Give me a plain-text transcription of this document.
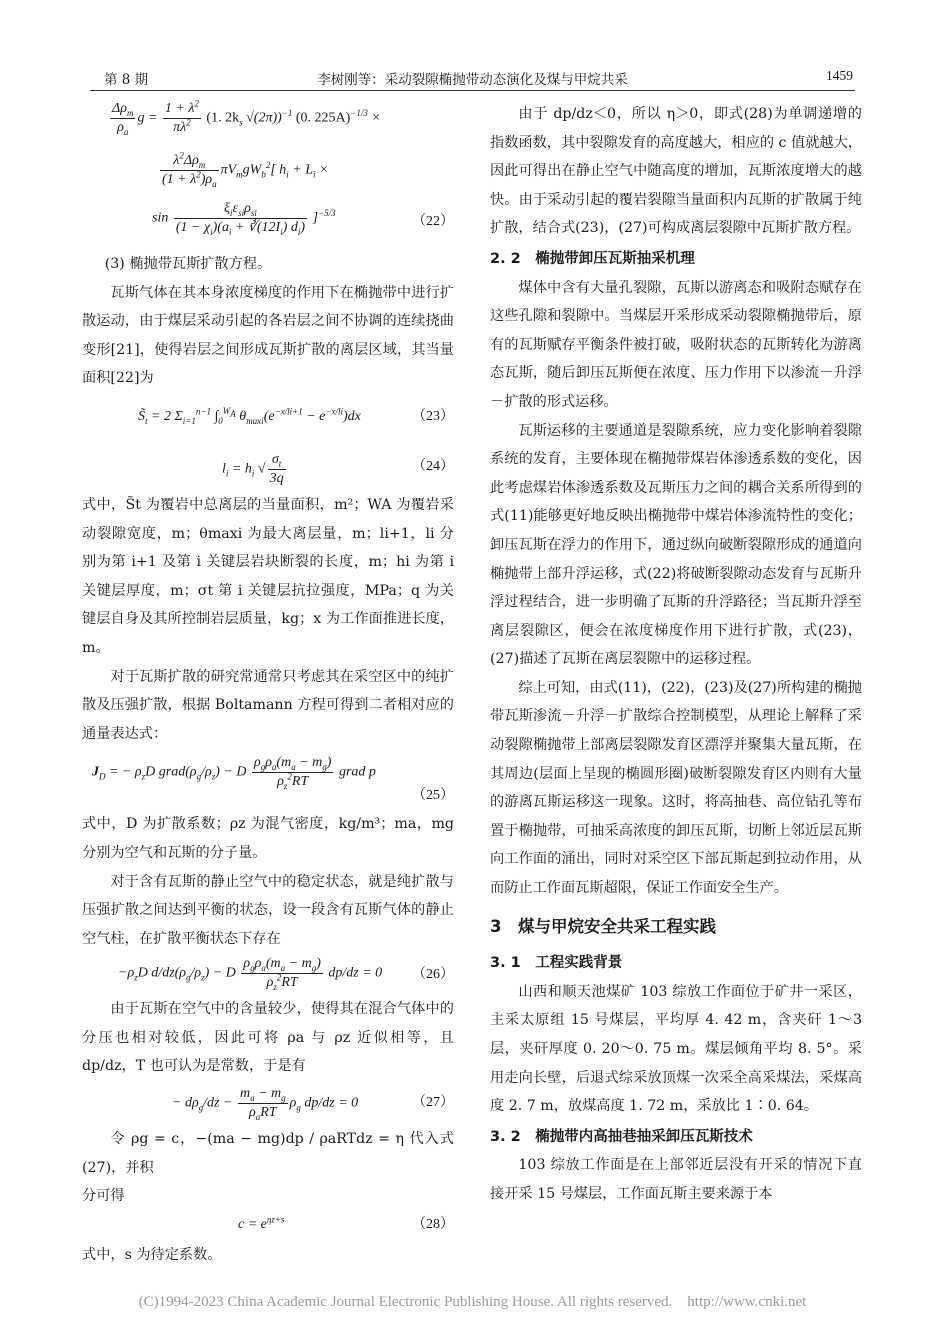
第 8 期	李树刚等：采动裂隙椭抛带动态演化及煤与甲烷共采	1459
$\frac{\Delta\rho_m}{\rho_a}$ $g = \frac{1 + \lambda^2}{\pi\lambda^2} (1$. $2k_s$ √(2π))$^{-1}$ (0. 225A)$^{-1/3}$ ×
$\frac{\lambda^2\Delta\rho_m}{(1 + \lambda^2)\rho_a} \pi V_mgW_b^2$[ $h_i + L_i$ ×
$\sin \frac{\xi_i\varepsilon_{si}\rho_{si}}{(1 - \chi_i)(a_i + ∛(12I_i) d_i)} ]^{-5/3}$
（22）

(3) 椭抛带瓦斯扩散方程。

瓦斯气体在其本身浓度梯度的作用下在椭抛带中进行扩散运动，由于煤层采动引起的各岩层之间不协调的连续挠曲变形[21]，使得岩层之间形成瓦斯扩散的离层区域，其当量面积[22]为

$S̃_t = 2$ $\Sigma_{i=1}^{n-1}$ $\int_0^{W_A}$ $\theta_{maxi}(e^{-x/li+1} - e^{-x/li})dx$	（23）
$l_i = h_i$ √ $\frac{\sigma_t}{3q}$	（24）

式中，S̃t 为覆岩中总离层的当量面积，m²；WA 为覆岩采动裂隙宽度，m；θmaxi 为最大离层量，m；li+1，li 分别为第 i+1 及第 i 关键层岩块断裂的长度，m；hi 为第 i 关键层厚度，m；σt 第 i 关键层抗拉强度，MPa；q 为关键层自身及其所控制岩层质量，kg；x 为工作面推进长度，m。

对于瓦斯扩散的研究常通常只考虑其在采空区中的纯扩散及压强扩散，根据 Boltamann 方程可得到二者相对应的通量表达式：

$J_D$ = − $\rho_zD$ $grad(\rho_g/\rho_z) - D \frac{\rho_g\rho_a(m_a - m_g)}{\rho_z^2RT}$ grad p
（25）

式中，D 为扩散系数；ρz 为混气密度，kg/m³；ma，mg 分别为空气和瓦斯的分子量。

对于含有瓦斯的静止空气中的稳定状态，就是纯扩散与压强扩散之间达到平衡的状态，设一段含有瓦斯气体的静止空气柱，在扩散平衡状态下存在

$-\rho_zD$ $d/dz(\rho_g/\rho_z) - D \frac{\rho_g\rho_a(m_a - m_g)}{\rho_z^2RT} dp/dz = 0$ （26）

由于瓦斯在空气中的含量较少，使得其在混合气体中的分压也相对较低，因此可将 ρa 与 ρz 近似相等，且 dp/dz，T 也可认为是常数，于是有

− $d\rho_g/dz - \frac{m_a - m_g}{\rho_aRT} \rho_g$ dp/dz = 0	（27）

令 ρg = c，−(ma − mg)dp / ρaRTdz = η 代入式(27)，并积

分可得

$c = e^{\eta z+s}$	（28）

式中，s 为待定系数。

由于 dp/dz＜0，所以 η＞0，即式(28)为单调递增的指数函数，其中裂隙发育的高度越大，相应的 c 值就越大，因此可得出在静止空气中随高度的增加，瓦斯浓度增大的越快。由于采动引起的覆岩裂隙当量面积内瓦斯的扩散属于纯扩散，结合式(23)，(27)可构成离层裂隙中瓦斯扩散方程。

2. 2　椭抛带卸压瓦斯抽采机理

煤体中含有大量孔裂隙，瓦斯以游离态和吸附态赋存在这些孔隙和裂隙中。当煤层开采形成采动裂隙椭抛带后，原有的瓦斯赋存平衡条件被打破，吸附状态的瓦斯转化为游离态瓦斯，随后卸压瓦斯便在浓度、压力作用下以渗流－升浮－扩散的形式运移。

瓦斯运移的主要通道是裂隙系统，应力变化影响着裂隙系统的发育，主要体现在椭抛带煤岩体渗透系数的变化，因此考虑煤岩体渗透系数及瓦斯压力之间的耦合关系所得到的式(11)能够更好地反映出椭抛带中煤岩体渗流特性的变化；卸压瓦斯在浮力的作用下，通过纵向破断裂隙形成的通道向椭抛带上部升浮运移，式(22)将破断裂隙动态发育与瓦斯升浮过程结合，进一步明确了瓦斯的升浮路径；当瓦斯升浮至离层裂隙区，便会在浓度梯度作用下进行扩散，式(23)，(27)描述了瓦斯在离层裂隙中的运移过程。

综上可知，由式(11)，(22)，(23)及(27)所构建的椭抛带瓦斯渗流－升浮－扩散综合控制模型，从理论上解释了采动裂隙椭抛带上部离层裂隙发育区漂浮并聚集大量瓦斯，在其周边(层面上呈现的椭圆形圈)破断裂隙发育区内则有大量的游离瓦斯运移这一现象。这时，将高抽巷、高位钻孔等布置于椭抛带，可抽采高浓度的卸压瓦斯，切断上邻近层瓦斯向工作面的涌出，同时对采空区下部瓦斯起到拉动作用，从而防止工作面瓦斯超限，保证工作面安全生产。

3　煤与甲烷安全共采工程实践
3. 1　工程实践背景

山西和顺天池煤矿 103 综放工作面位于矿井一采区，主采太原组 15 号煤层，平均厚 4. 42 m，含夹矸 1～3 层，夹矸厚度 0. 20～0. 75 m。煤层倾角平均 8. 5°。采用走向长壁，后退式综采放顶煤一次采全高采煤法，采煤高度 2. 7 m，放煤高度 1. 72 m，采放比 1∶0. 64。

3. 2　椭抛带内高抽巷抽采卸压瓦斯技术

103 综放工作面是在上部邻近层没有开采的情况下直接开采 15 号煤层，工作面瓦斯主要来源于本

(C)1994-2023 China Academic Journal Electronic Publishing House. All rights reserved.　http://www.cnki.net
